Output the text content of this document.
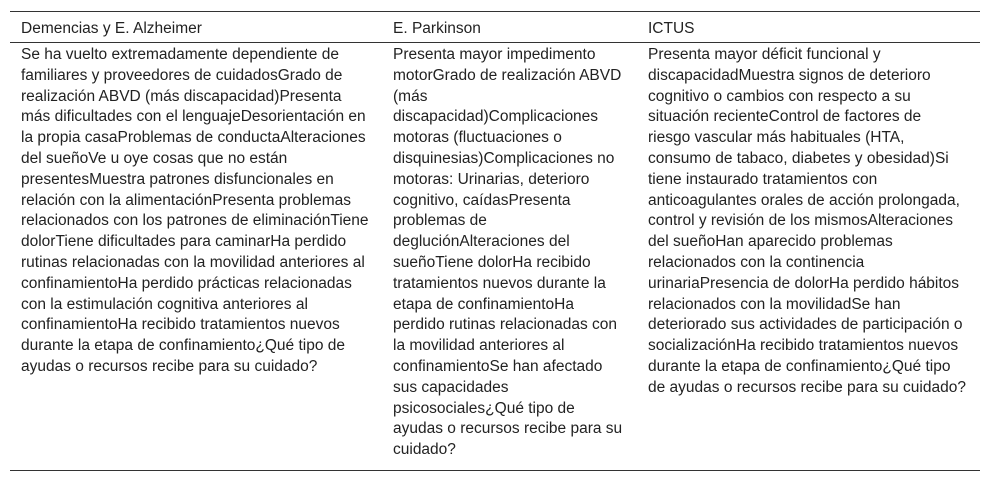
Demencias y E. Alzheimer	E. Parkinson	ICTUS
Se ha vuelto extremadamente dependiente de familiares y proveedores de cuidadosGrado de realización ABVD (más discapacidad)Presenta más dificultades con el lenguajeDesorientación en la propia casaProblemas de conductaAlteraciones del sueñoVe u oye cosas que no están presentesMuestra patrones disfuncionales en relación con la alimentaciónPresenta problemas relacionados con los patrones de eliminaciónTiene dolorTiene dificultades para caminarHa perdido rutinas relacionadas con la movilidad anteriores al confinamientoHa perdido prácticas relacionadas con la estimulación cognitiva anteriores al confinamientoHa recibido tratamientos nuevos durante la etapa de confinamiento¿Qué tipo de ayudas o recursos recibe para su cuidado?
Presenta mayor impedimento motorGrado de realización ABVD (más discapacidad)Complicaciones motoras (fluctuaciones o disquinesias)Complicaciones no motoras: Urinarias, deterioro cognitivo, caídasPresenta problemas de degluciónAlteraciones del sueñoTiene dolorHa recibido tratamientos nuevos durante la etapa de confinamientoHa perdido rutinas relacionadas con la movilidad anteriores al confinamientoSe han afectado sus capacidades psicosociales¿Qué tipo de ayudas o recursos recibe para su cuidado?
Presenta mayor déficit funcional y discapacidadMuestra signos de deterioro cognitivo o cambios con respecto a su situación recienteControl de factores de riesgo vascular más habituales (HTA, consumo de tabaco, diabetes y obesidad)Si tiene instaurado tratamientos con anticoagulantes orales de acción prolongada, control y revisión de los mismosAlteraciones del sueñoHan aparecido problemas relacionados con la continencia urinariaPresencia de dolorHa perdido hábitos relacionados con la movilidadSe han deteriorado sus actividades de participación o socializaciónHa recibido tratamientos nuevos durante la etapa de confinamiento¿Qué tipo de ayudas o recursos recibe para su cuidado?
